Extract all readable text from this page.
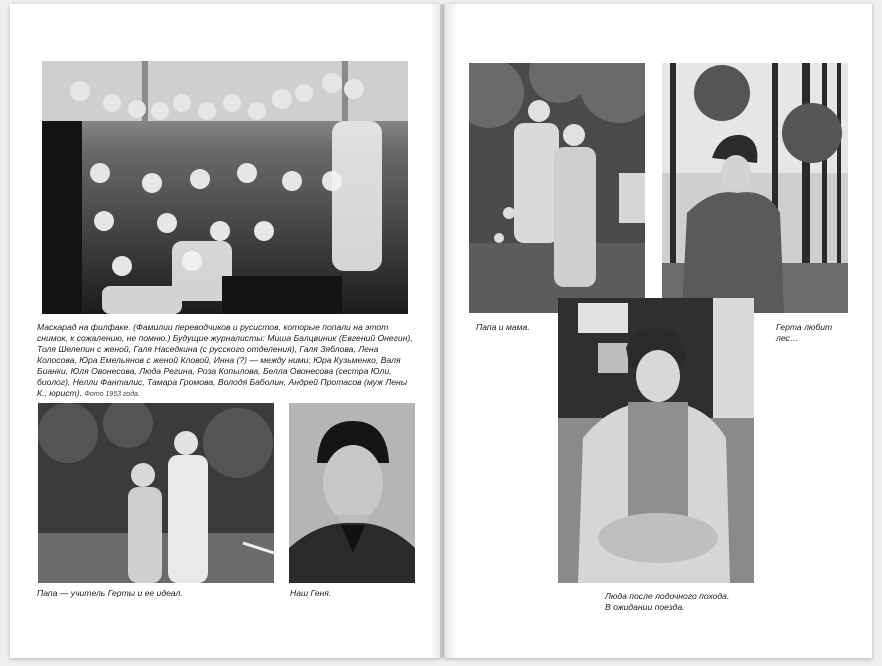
Маскарад на филфаке. (Фамилии переводчиков и русистов, которые попали на этот снимок, к сожалению, не помню.) Будущие журналисты: Миша Балцвиник (Евгений Онегин), Толя Шелепин с женой, Галя Наседкина (с русского отделения), Галя Зяблова, Лена Колосова, Юра Емельянов с женой Кловой, Инна (?) — между ними; Юра Кузьменко, Валя Бианки, Юля Овонесова, Люда Регина, Роза Копылова, Белла Овонесова (сестра Юли, биолог), Нелли Фанталис, Тамара Громова, Володя Баболин, Андрей Протасов (муж Лены К., юрист). Фото 1953 года.

Папа — учитель Герты и ее идеал.	Наш Геня.

Папа и мама.	Герта любит лес…

Люда после лодочного похода.
В ожидании поезда.
